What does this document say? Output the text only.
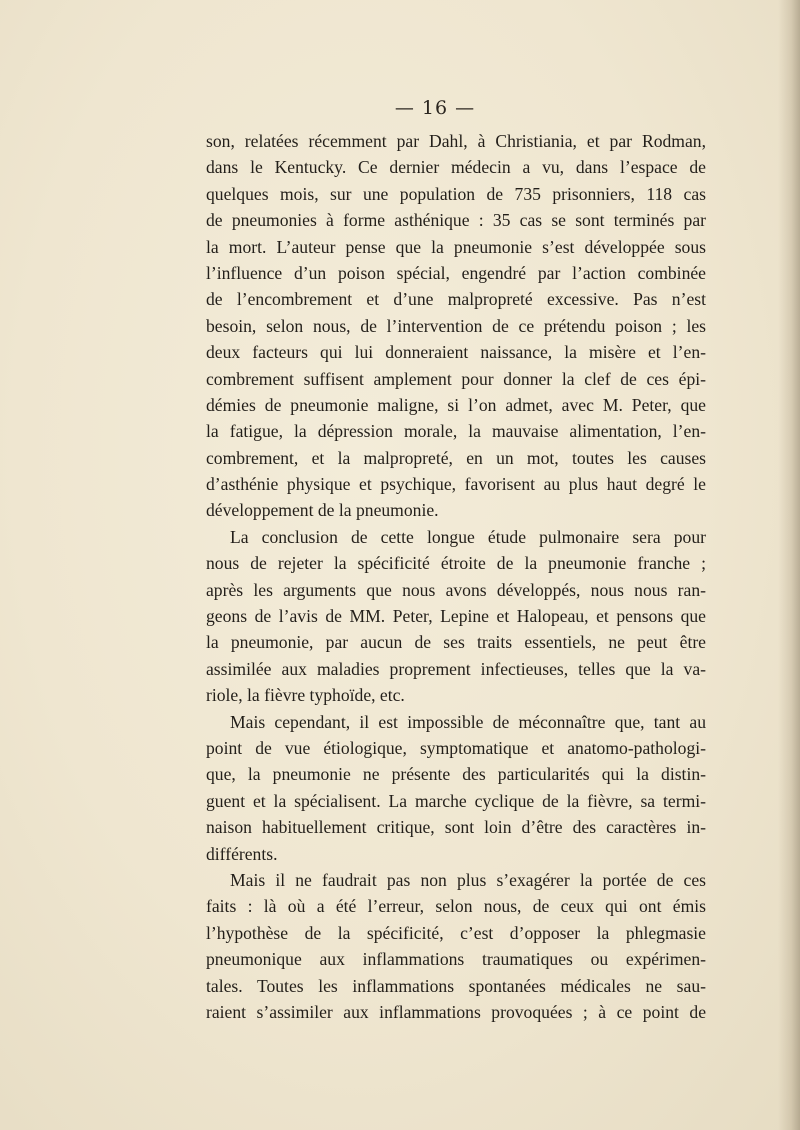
— 16 —
son, relatées récemment par Dahl, à Christiania, et par Rodman,
dans le Kentucky. Ce dernier médecin a vu, dans l’espace de
quelques mois, sur une population de 735 prisonniers, 118 cas
de pneumonies à forme asthénique : 35 cas se sont terminés par
la mort. L’auteur pense que la pneumonie s’est développée sous
l’influence d’un poison spécial, engendré par l’action combinée
de l’encombrement et d’une malpropreté excessive. Pas n’est
besoin, selon nous, de l’intervention de ce prétendu poison ; les
deux facteurs qui lui donneraient naissance, la misère et l’en-
combrement suffisent amplement pour donner la clef de ces épi-
démies de pneumonie maligne, si l’on admet, avec M. Peter, que
la fatigue, la dépression morale, la mauvaise alimentation, l’en-
combrement, et la malpropreté, en un mot, toutes les causes
d’asthénie physique et psychique, favorisent au plus haut degré le
développement de la pneumonie.
La conclusion de cette longue étude pulmonaire sera pour
nous de rejeter la spécificité étroite de la pneumonie franche ;
après les arguments que nous avons développés, nous nous ran-
geons de l’avis de MM. Peter, Lepine et Halopeau, et pensons que
la pneumonie, par aucun de ses traits essentiels, ne peut être
assimilée aux maladies proprement infectieuses, telles que la va-
riole, la fièvre typhoïde, etc.
Mais cependant, il est impossible de méconnaître que, tant au
point de vue étiologique, symptomatique et anatomo-pathologi-
que, la pneumonie ne présente des particularités qui la distin-
guent et la spécialisent. La marche cyclique de la fièvre, sa termi-
naison habituellement critique, sont loin d’être des caractères in-
différents.
Mais il ne faudrait pas non plus s’exagérer la portée de ces
faits : là où a été l’erreur, selon nous, de ceux qui ont émis
l’hypothèse de la spécificité, c’est d’opposer la phlegmasie
pneumonique aux inflammations traumatiques ou expérimen-
tales. Toutes les inflammations spontanées médicales ne sau-
raient s’assimiler aux inflammations provoquées ; à ce point de
